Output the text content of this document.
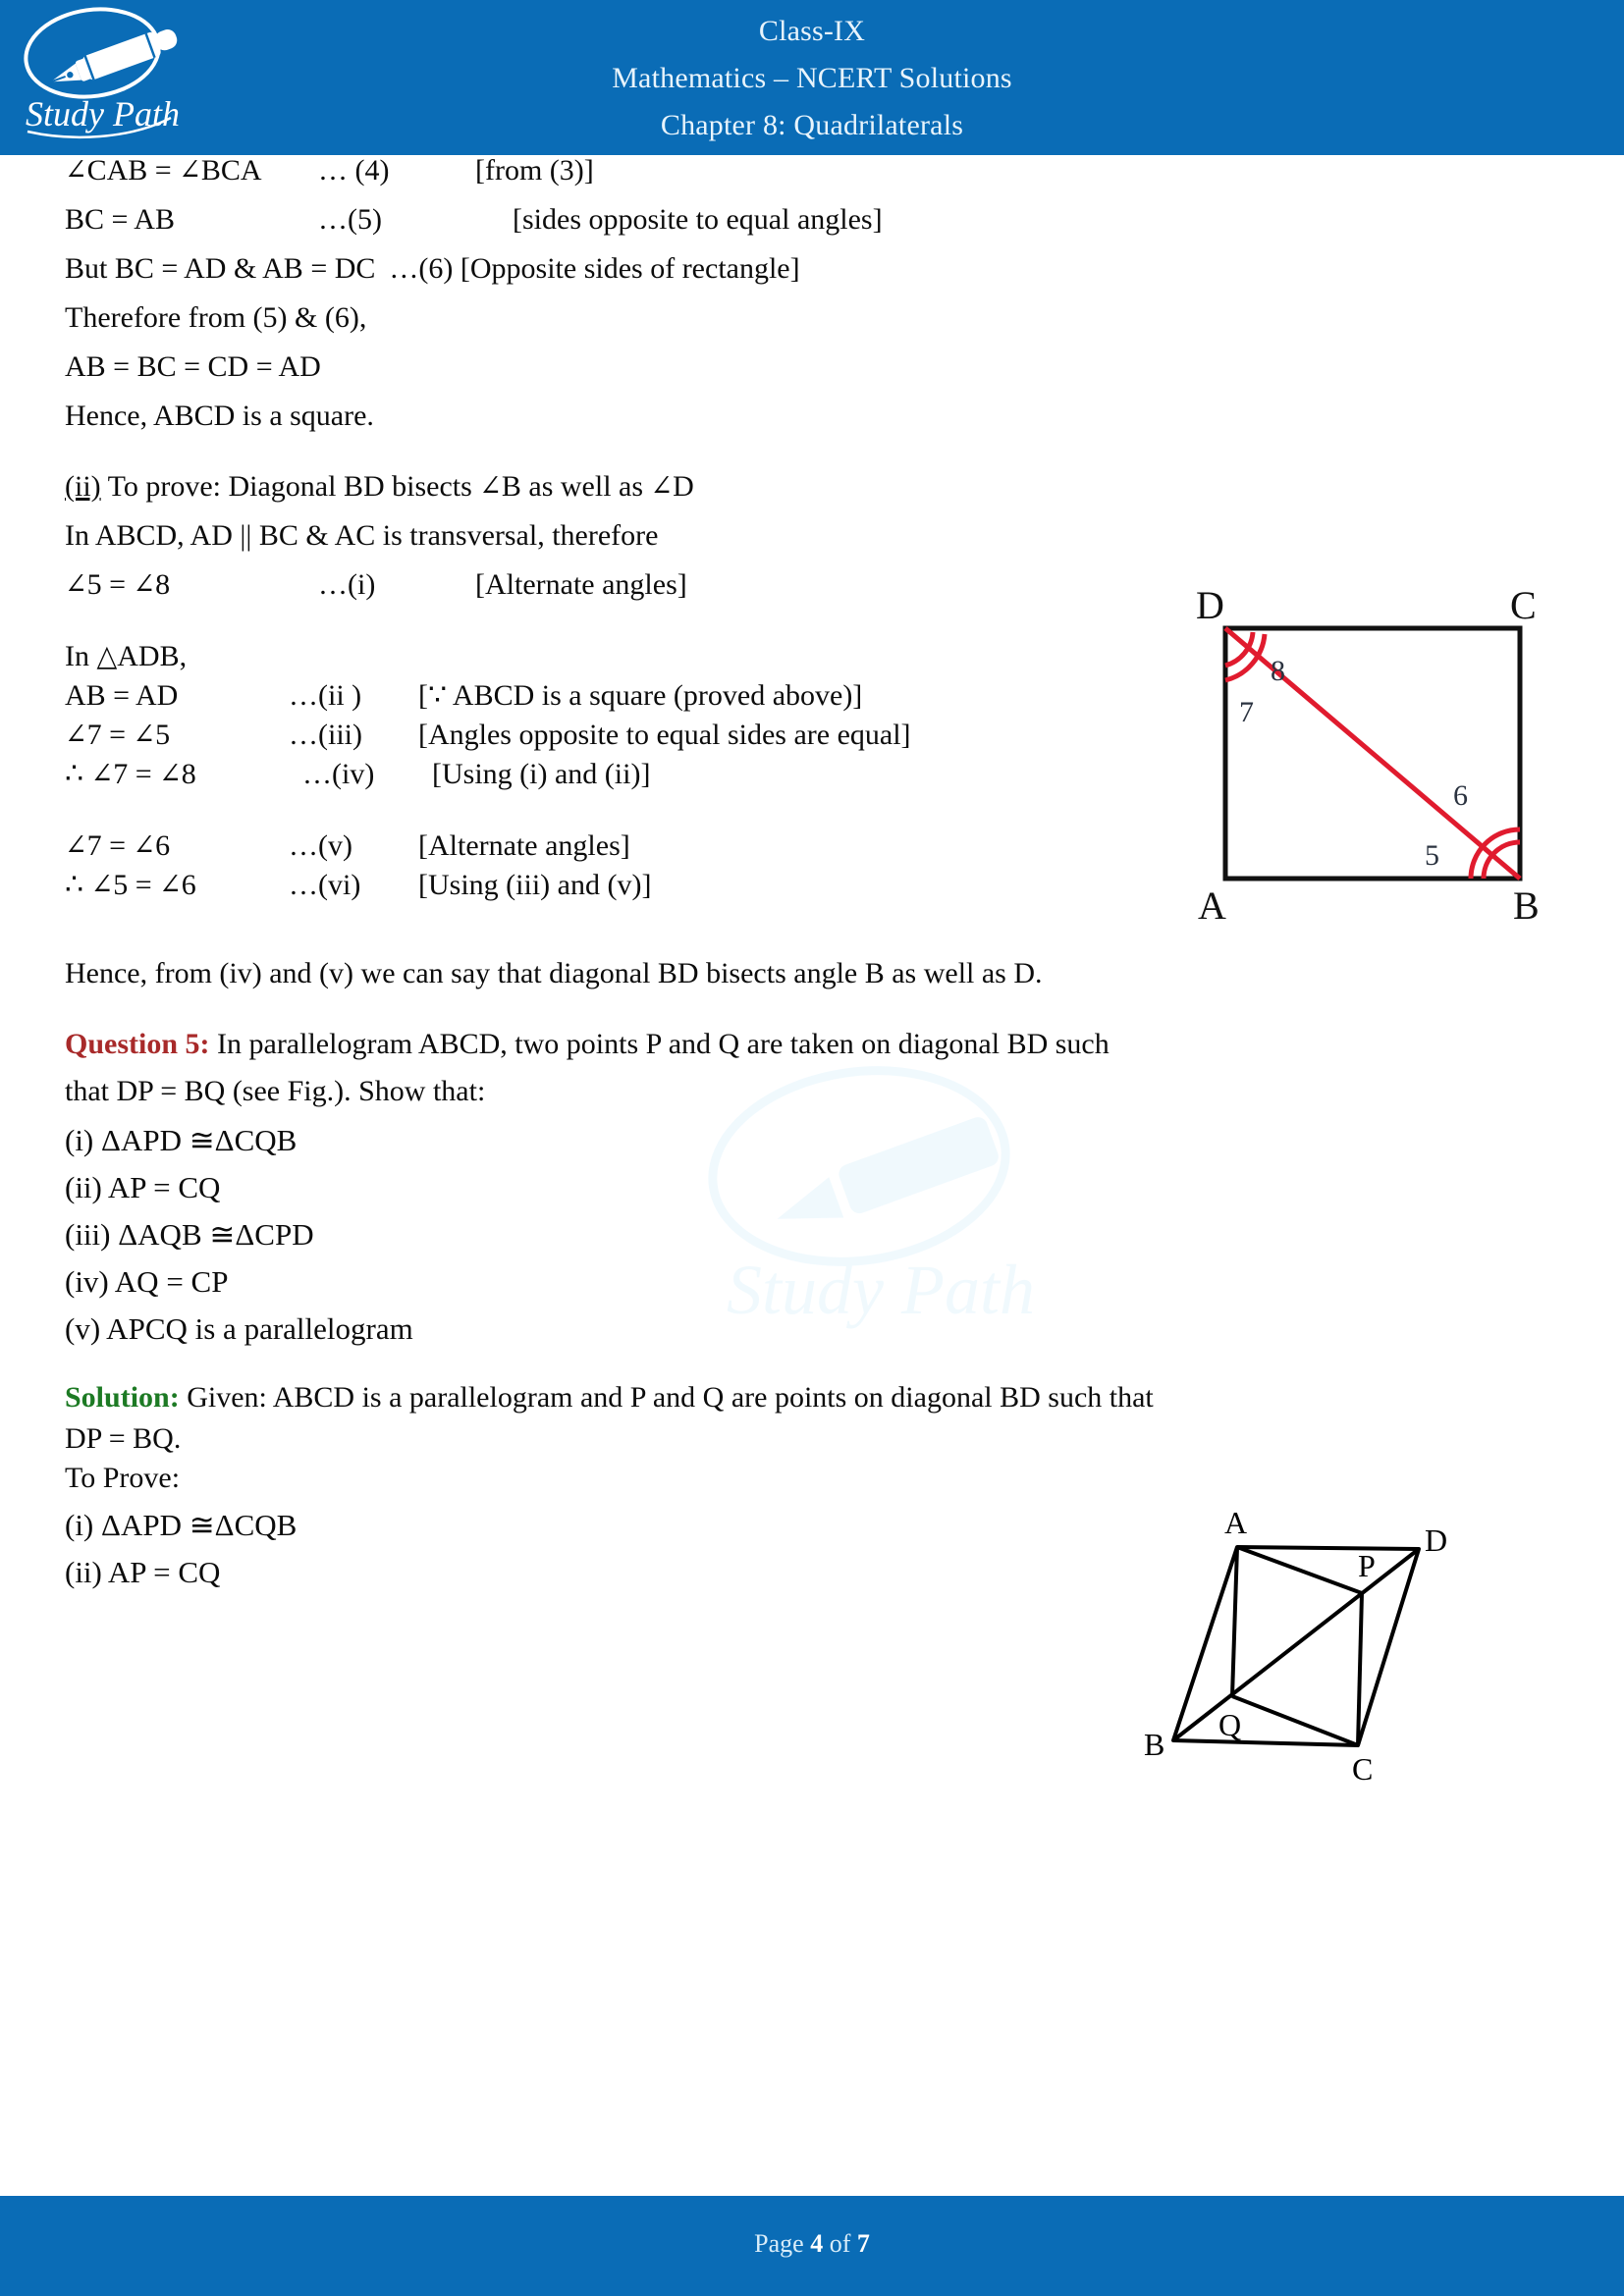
Study Path
Class-IX
Mathematics – NCERT Solutions
Chapter 8: Quadrilaterals
Study Path
∠CAB = ∠BCA … (4)	[from (3)]
BC = AB	…(5)	[sides opposite to equal angles]
But BC = AD & AB = DC …(6) [Opposite sides of rectangle]
Therefore from (5) & (6),
AB = BC = CD = AD
Hence, ABCD is a square.
(ii) To prove: Diagonal BD bisects ∠B as well as ∠D
In ABCD, AD || BC & AC is transversal, therefore
∠5 = ∠8	…(i)	[Alternate angles]
In △ADB,
AB = AD	…(ii ) [∵ ABCD is a square (proved above)]
∠7 = ∠5	…(iii) [Angles opposite to equal sides are equal]
∴ ∠7 = ∠8	…(iv) [Using (i) and (ii)]
∠7 = ∠6	…(v) [Alternate angles]
∴ ∠5 = ∠6	…(vi) [Using (iii) and (v)]
Hence, from (iv) and (v) we can say that diagonal BD bisects angle B as well as D.
Question 5: In parallelogram ABCD, two points P and Q are taken on diagonal BD such
that DP = BQ (see Fig.). Show that:
(i) ΔAPD ≅ΔCQB
(ii) AP = CQ
(iii) ΔAQB ≅ΔCPD
(iv) AQ = CP
(v) APCQ is a parallelogram
Solution: Given: ABCD is a parallelogram and P and Q are points on diagonal BD such that
DP = BQ.
To Prove:
(i) ΔAPD ≅ΔCQB
(ii) AP = CQ
D	C
A	B
8
7
6
5
A	D
B
C
P
Q
Page 4 of 7
